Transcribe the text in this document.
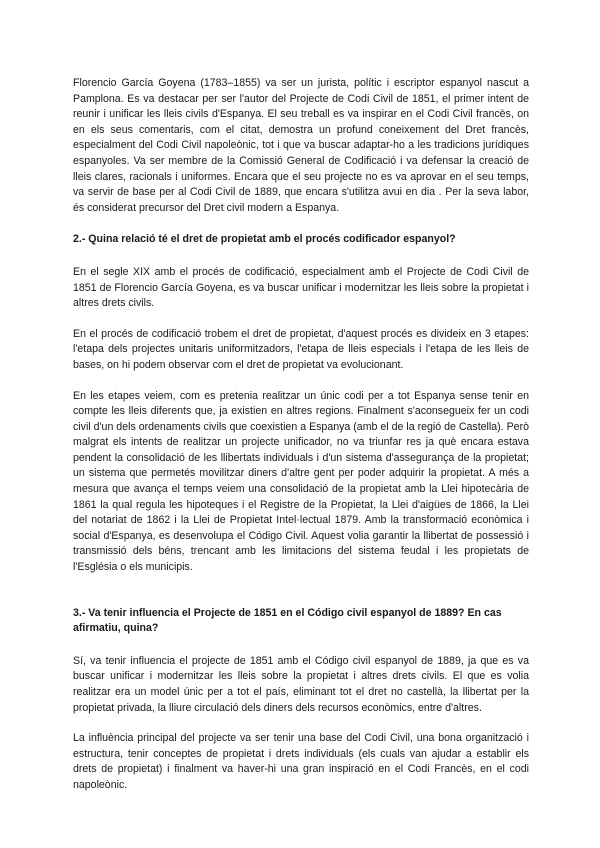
Florencio García Goyena (1783–1855) va ser un jurista, polític i escriptor espanyol nascut a Pamplona. Es va destacar per ser l'autor del Projecte de Codi Civil de 1851, el primer intent de reunir i unificar les lleis civils d'Espanya. El seu treball es va inspirar en el Codi Civil francès, on en els seus comentaris, com el citat, demostra un profund coneixement del Dret francès, especialment del Codi Civil napoleònic, tot i que va buscar adaptar-ho a les tradicions jurídiques espanyoles. Va ser membre de la Comissió General de Codificació i va defensar la creació de lleis clares, racionals i uniformes. Encara que el seu projecte no es va aprovar en el seu temps, va servir de base per al Codi Civil de 1889, que encara s'utilitza avui en dia . Per la seva labor, és considerat precursor del Dret civil modern a Espanya.

2.- Quina relació té el dret de propietat amb el procés codificador espanyol?

En el segle XIX amb el procés de codificació, especialment amb el Projecte de Codi Civil de 1851 de Florencio García Goyena, es va buscar unificar i modernitzar les lleis sobre la propietat i altres drets civils.

En el procés de codificació trobem el dret de propietat, d'aquest procés es divideix en 3 etapes: l'etapa dels projectes unitaris uniformitzadors, l'etapa de lleis especials i l'etapa de les lleis de bases, on hi podem observar com el dret de propietat va evolucionant.

En les etapes veiem, com es pretenia realitzar un únic codi per a tot Espanya sense tenir en compte les lleis diferents que, ja existien en altres regions. Finalment s'aconsegueix fer un codi civil d'un dels ordenaments civils que coexistien a Espanya (amb el de la regió de Castella). Però malgrat els intents de realitzar un projecte unificador, no va triunfar res ja què encara estava pendent la consolidació de les llibertats individuals i d'un sistema d'assegurança de la propietat; un sistema que permetés movilitzar diners d'altre gent per poder adquirir la propietat. A més a mesura que avança el temps veiem una consolidació de la propietat amb la Llei hipotecària de 1861 la qual regula les hipoteques i el Registre de la Propietat, la Llei d'aigües de 1866, la Llei del notariat de 1862 i la Llei de Propietat Intel·lectual 1879. Amb la transformació econòmica i social d'Espanya, es desenvolupa el Código Civil. Aquest volia garantir la llibertat de possessió i transmissió dels béns, trencant amb les limitacions del sistema feudal i les propietats de l'Església o els municipis.

3.- Va tenir influencia el Projecte de 1851 en el Código civil espanyol de 1889? En cas afirmatiu, quina?

Sí, va tenir influencia el projecte de 1851 amb el Código civil espanyol de 1889, ja que es va buscar unificar i modernitzar les lleis sobre la propietat i altres drets civils. El que es volia realitzar era un model únic per a tot el país, eliminant tot el dret no castellà, la llibertat per la propietat privada, la lliure circulació dels diners dels recursos econòmics, entre d'altres.

La influència principal del projecte va ser tenir una base del Codi Civil, una bona organització i estructura, tenir conceptes de propietat i drets individuals (els cuals van ajudar a establir els drets de propietat) i finalment va haver-hi una gran inspiració en el Codi Francès, en el codi napoleònic.
